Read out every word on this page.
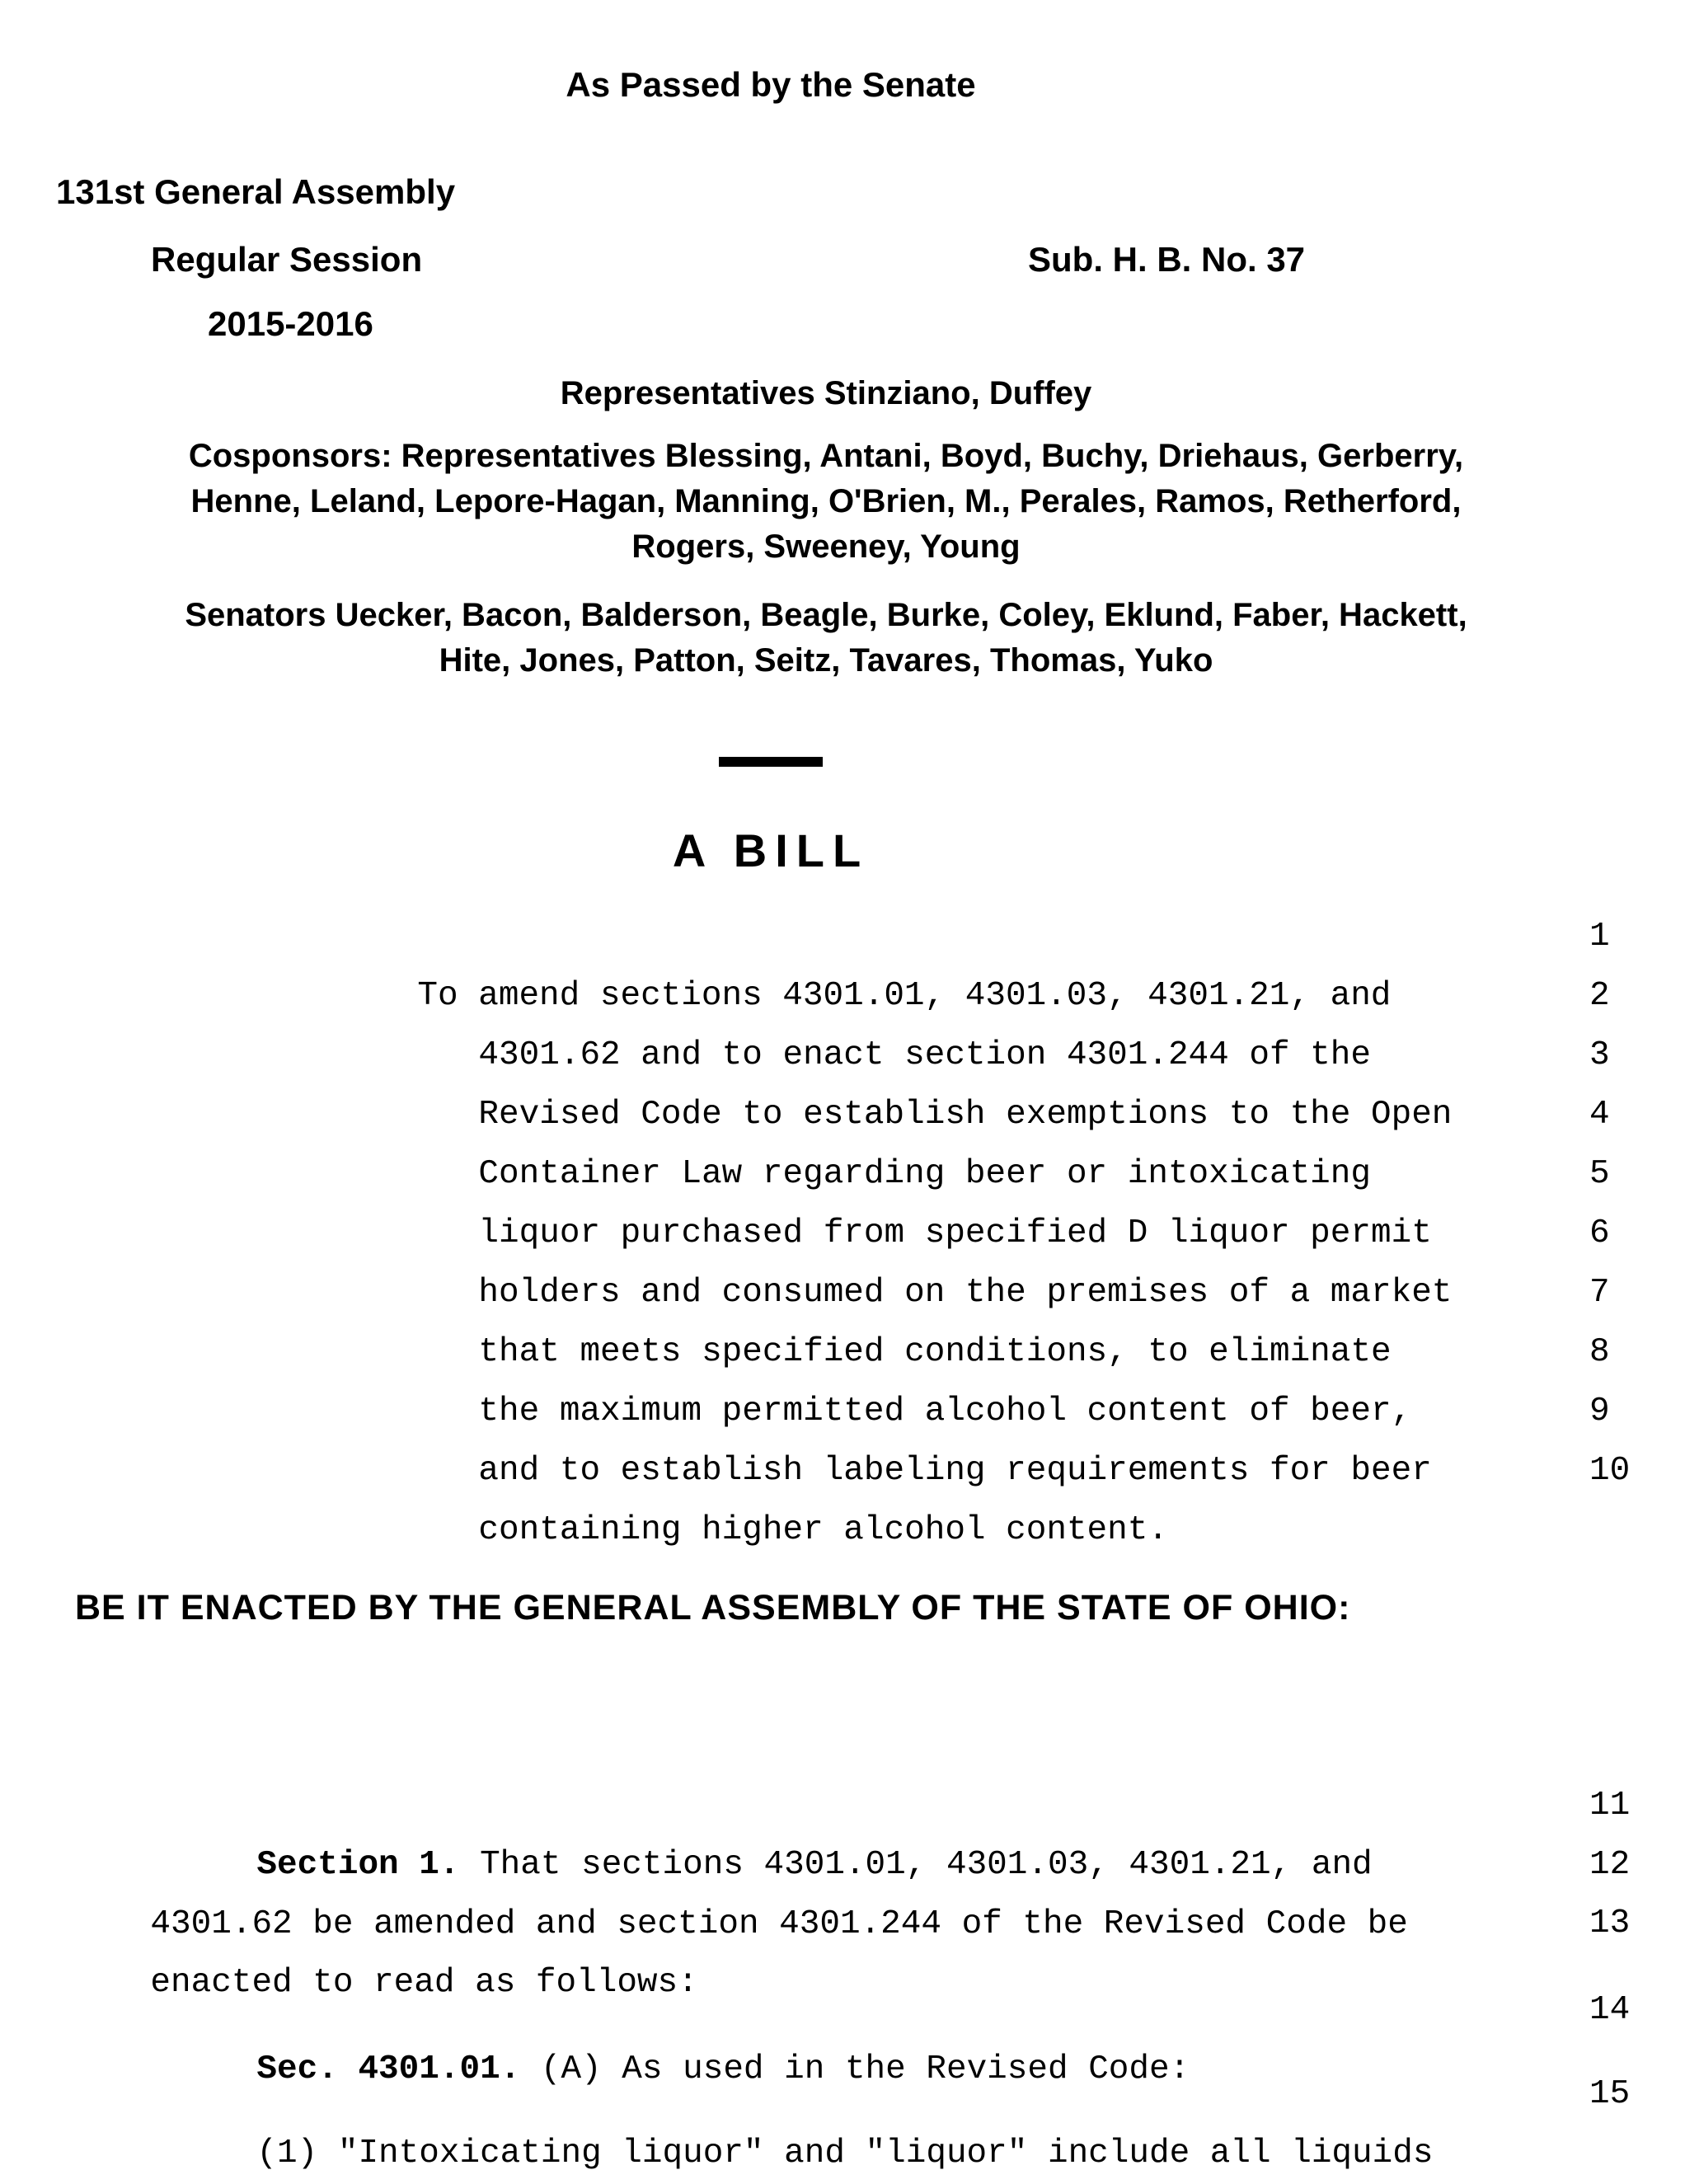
As Passed by the Senate
131st General Assembly
Regular Session	Sub. H. B. No. 37
2015-2016
Representatives Stinziano, Duffey
Cosponsors: Representatives Blessing, Antani, Boyd, Buchy, Driehaus, Gerberry,
Henne, Leland, Lepore-Hagan, Manning, O'Brien, M., Perales, Ramos, Retherford,
Rogers, Sweeney, Young
Senators Uecker, Bacon, Balderson, Beagle, Burke, Coley, Eklund, Faber, Hackett,
Hite, Jones, Patton, Seitz, Tavares, Thomas, Yuko
A BILL

To amend sections 4301.01, 4301.03, 4301.21, and

1

4301.62 and to enact section 4301.244 of the

2

Revised Code to establish exemptions to the Open

3

Container Law regarding beer or intoxicating

4

liquor purchased from specified D liquor permit

5

holders and consumed on the premises of a market

6

that meets specified conditions, to eliminate

7

the maximum permitted alcohol content of beer,

8

and to establish labeling requirements for beer

9

containing higher alcohol content.

10

BE IT ENACTED BY THE GENERAL ASSEMBLY OF THE STATE OF OHIO:

Section 1. That sections 4301.01, 4301.03, 4301.21, and

11

4301.62 be amended and section 4301.244 of the Revised Code be

12

enacted to read as follows:

13

Sec. 4301.01. (A) As used in the Revised Code:

14

(1) "Intoxicating liquor" and "liquor" include all liquids

15
